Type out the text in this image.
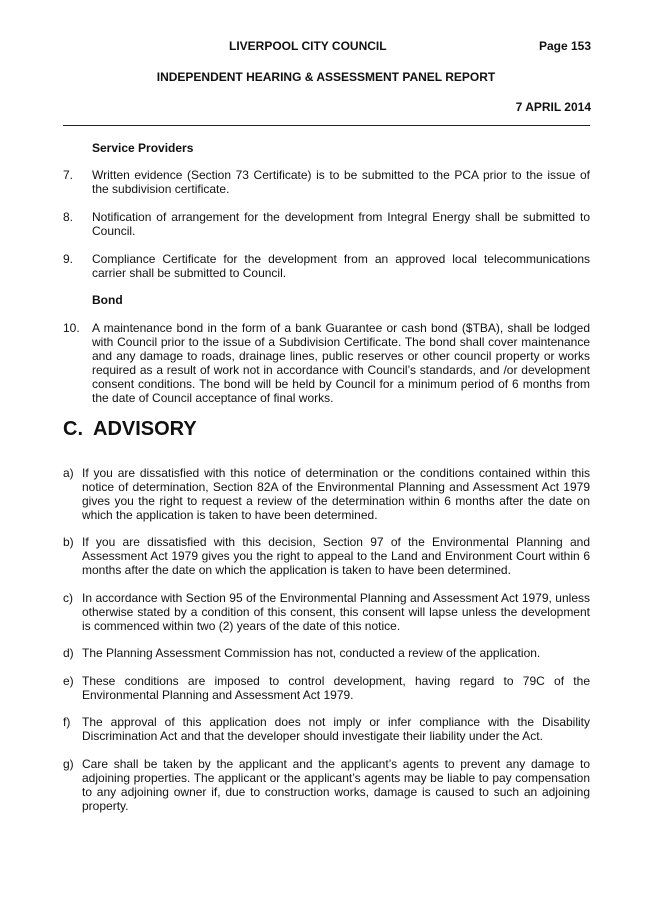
LIVERPOOL CITY COUNCIL	Page 153
INDEPENDENT HEARING & ASSESSMENT PANEL REPORT
7 APRIL 2014
Service Providers
7. Written evidence (Section 73 Certificate) is to be submitted to the PCA prior to the issue of the subdivision certificate.
8. Notification of arrangement for the development from Integral Energy shall be submitted to Council.
9. Compliance Certificate for the development from an approved local telecommunications carrier shall be submitted to Council.
Bond
10. A maintenance bond in the form of a bank Guarantee or cash bond ($TBA), shall be lodged with Council prior to the issue of a Subdivision Certificate. The bond shall cover maintenance and any damage to roads, drainage lines, public reserves or other council property or works required as a result of work not in accordance with Council’s standards, and /or development consent conditions. The bond will be held by Council for a minimum period of 6 months from the date of Council acceptance of final works.
C. ADVISORY
a) If you are dissatisfied with this notice of determination or the conditions contained within this notice of determination, Section 82A of the Environmental Planning and Assessment Act 1979 gives you the right to request a review of the determination within 6 months after the date on which the application is taken to have been determined.
b) If you are dissatisfied with this decision, Section 97 of the Environmental Planning and Assessment Act 1979 gives you the right to appeal to the Land and Environment Court within 6 months after the date on which the application is taken to have been determined.
c) In accordance with Section 95 of the Environmental Planning and Assessment Act 1979, unless otherwise stated by a condition of this consent, this consent will lapse unless the development is commenced within two (2) years of the date of this notice.
d) The Planning Assessment Commission has not, conducted a review of the application.
e) These conditions are imposed to control development, having regard to 79C of the Environmental Planning and Assessment Act 1979.
f) The approval of this application does not imply or infer compliance with the Disability Discrimination Act and that the developer should investigate their liability under the Act.
g) Care shall be taken by the applicant and the applicant’s agents to prevent any damage to adjoining properties. The applicant or the applicant’s agents may be liable to pay compensation to any adjoining owner if, due to construction works, damage is caused to such an adjoining property.
